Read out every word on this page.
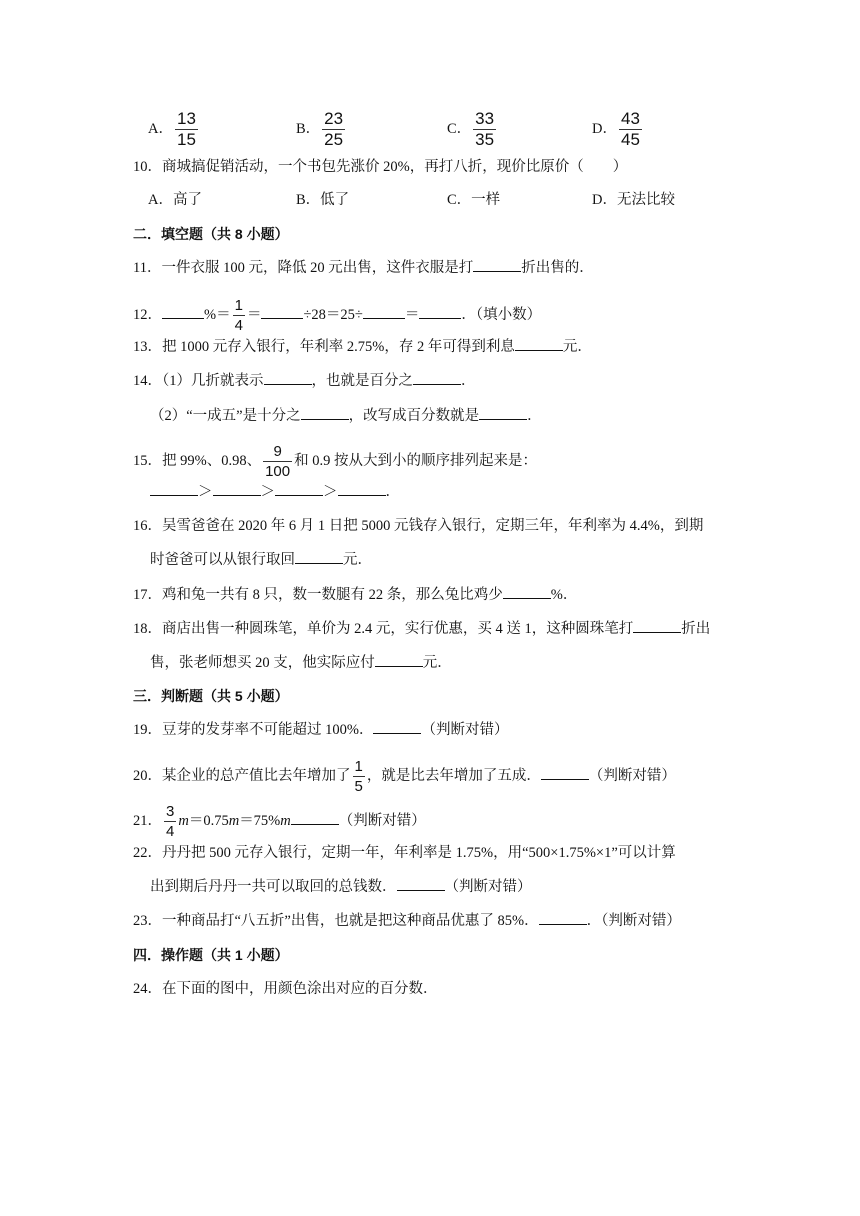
A． $\frac{13}{15}$	B． $\frac{23}{25}$	C． $\frac{33}{35}$	D． $\frac{43}{45}$
10．商城搞促销活动，一个书包先涨价 20%，再打八折，现价比原价（　　）
A．高了	B．低了	C．一样	D．无法比较
二．填空题（共 8 小题）
11．一件衣服 100 元，降低 20 元出售，这件衣服是打	折出售的．
12．	%＝ $\frac{1}{4}$ ＝	÷28＝25÷	＝	．（填小数）
13．把 1000 元存入银行，年利率 2.75%，存 2 年可得到利息	元．
14．（1）几折就表示	，也就是百分之	．
（2）“一成五”是十分之	，改写成百分数就是	．
15．把 99%、0.98、 $\frac{9}{100}$ 和 0.9 按从大到小的顺序排列起来是：
＞	＞	＞	．
16．吴雪爸爸在 2020 年 6 月 1 日把 5000 元钱存入银行，定期三年，年利率为 4.4%，到期
时爸爸可以从银行取回	元．
17．鸡和兔一共有 8 只，数一数腿有 22 条，那么兔比鸡少	%．
18．商店出售一种圆珠笔，单价为 2.4 元，实行优惠，买 4 送 1，这种圆珠笔打	折出
售，张老师想买 20 支，他实际应付	元．
三．判断题（共 5 小题）
19．豆芽的发芽率不可能超过 100%．	（判断对错）
20．某企业的总产值比去年增加了 $\frac{1}{5}$ ，就是比去年增加了五成．	（判断对错）
21． $\frac{3}{4} m=0.75m=75\%m$	（判断对错）
22．丹丹把 500 元存入银行，定期一年，年利率是 1.75%，用“500×1.75%×1”可以计算
出到期后丹丹一共可以取回的总钱数．	（判断对错）
23．一种商品打“八五折”出售，也就是把这种商品优惠了 85%．	．（判断对错）
四．操作题（共 1 小题）
24．在下面的图中，用颜色涂出对应的百分数．
